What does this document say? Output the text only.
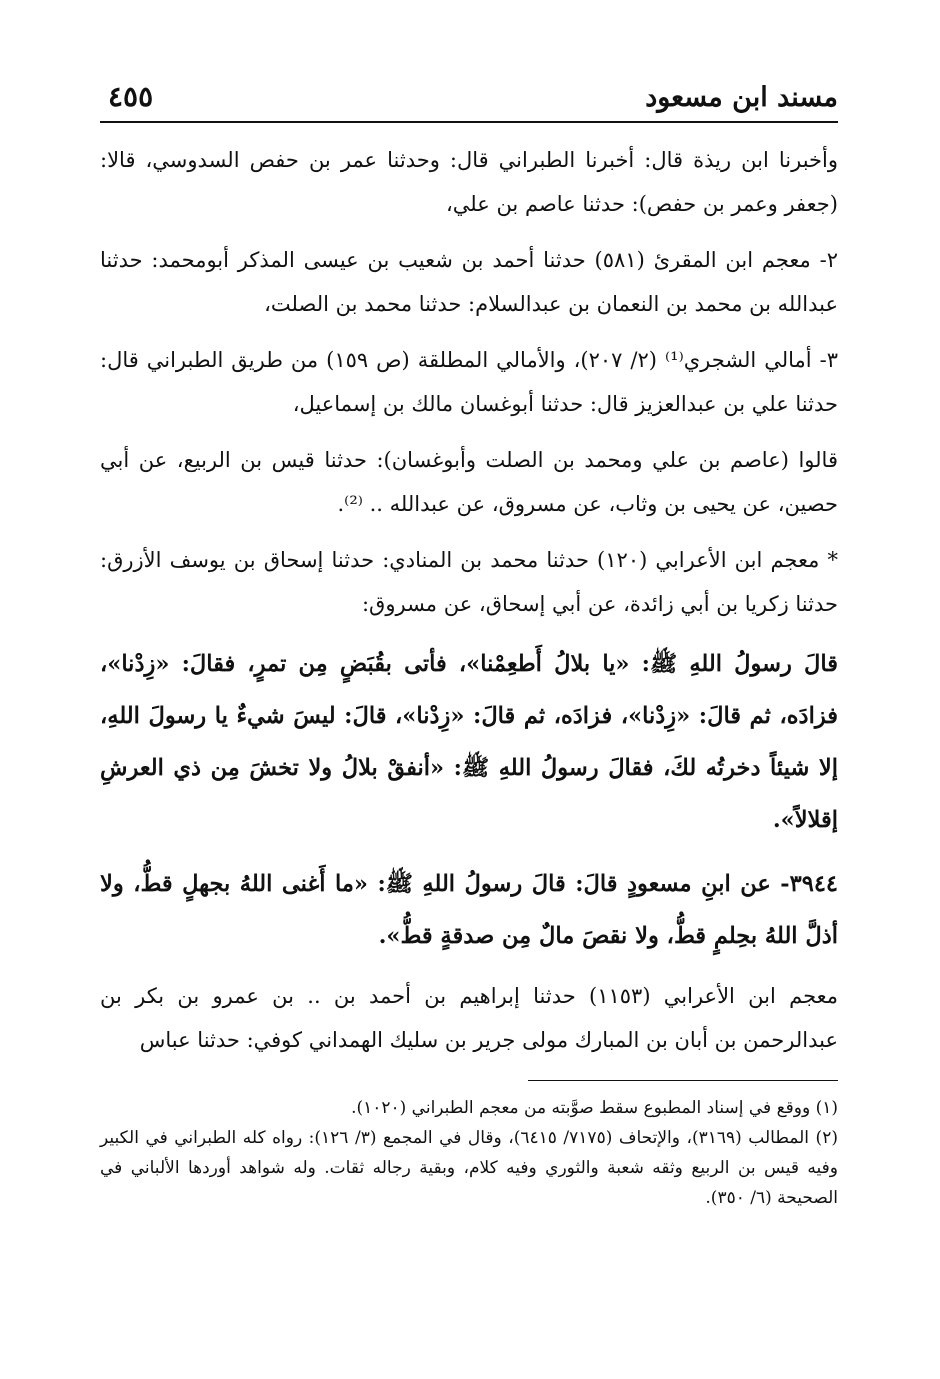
مسند ابن مسعود
٤٥٥

وأخبرنا ابن ريذة قال: أخبرنا الطبراني قال: وحدثنا عمر بن حفص السدوسي، قالا: (جعفر وعمر بن حفص): حدثنا عاصم بن علي،

٢- معجم ابن المقرئ (٥٨١) حدثنا أحمد بن شعيب بن عيسى المذكر أبومحمد: حدثنا عبدالله بن محمد بن النعمان بن عبدالسلام: حدثنا محمد بن الصلت،

٣- أمالي الشجري⁽¹⁾ (٢/ ٢٠٧)، والأمالي المطلقة (ص ١٥٩) من طريق الطبراني قال: حدثنا علي بن عبدالعزيز قال: حدثنا أبوغسان مالك بن إسماعيل،

قالوا (عاصم بن علي ومحمد بن الصلت وأبوغسان): حدثنا قيس بن الربيع، عن أبي حصين، عن يحيى بن وثاب، عن مسروق، عن عبدالله .. ⁽²⁾.

* معجم ابن الأعرابي (١٢٠) حدثنا محمد بن المنادي: حدثنا إسحاق بن يوسف الأزرق: حدثنا زكريا بن أبي زائدة، عن أبي إسحاق، عن مسروق:

قالَ رسولُ اللهِ ﷺ: «يا بلالُ أَطعِمْنا»، فأتى بقُبَضٍ مِن تمرٍ، فقالَ: «زِدْنا»، فزادَه، ثم قالَ: «زِدْنا»، فزادَه، ثم قالَ: «زِدْنا»، قالَ: ليسَ شيءٌ يا رسولَ اللهِ، إلا شيئاً دخرتُه لكَ، فقالَ رسولُ اللهِ ﷺ: «أنفقْ بلالُ ولا تخشَ مِن ذي العرشِ إقلالاً».

٣٩٤٤- عن ابنِ مسعودٍ قالَ: قالَ رسولُ اللهِ ﷺ: «ما أَغنى اللهُ بجهلٍ قطُّ، ولا أذلَّ اللهُ بحِلمٍ قطُّ، ولا نقصَ مالٌ مِن صدقةٍ قطُّ».

معجم ابن الأعرابي (١١٥٣) حدثنا إبراهيم بن أحمد بن .. بن عمرو بن بكر بن عبدالرحمن بن أبان بن المبارك مولى جرير بن سليك الهمداني كوفي: حدثنا عباس

(١) ووقع في إسناد المطبوع سقط صوَّبته من معجم الطبراني (١٠٢٠).

(٢) المطالب (٣١٦٩)، والإتحاف (٧١٧٥/ ٦٤١٥)، وقال في المجمع (٣/ ١٢٦): رواه كله الطبراني في الكبير وفيه قيس بن الربيع وثقه شعبة والثوري وفيه كلام، وبقية رجاله ثقات. وله شواهد أوردها الألباني في الصحيحة (٦/ ٣٥٠).
